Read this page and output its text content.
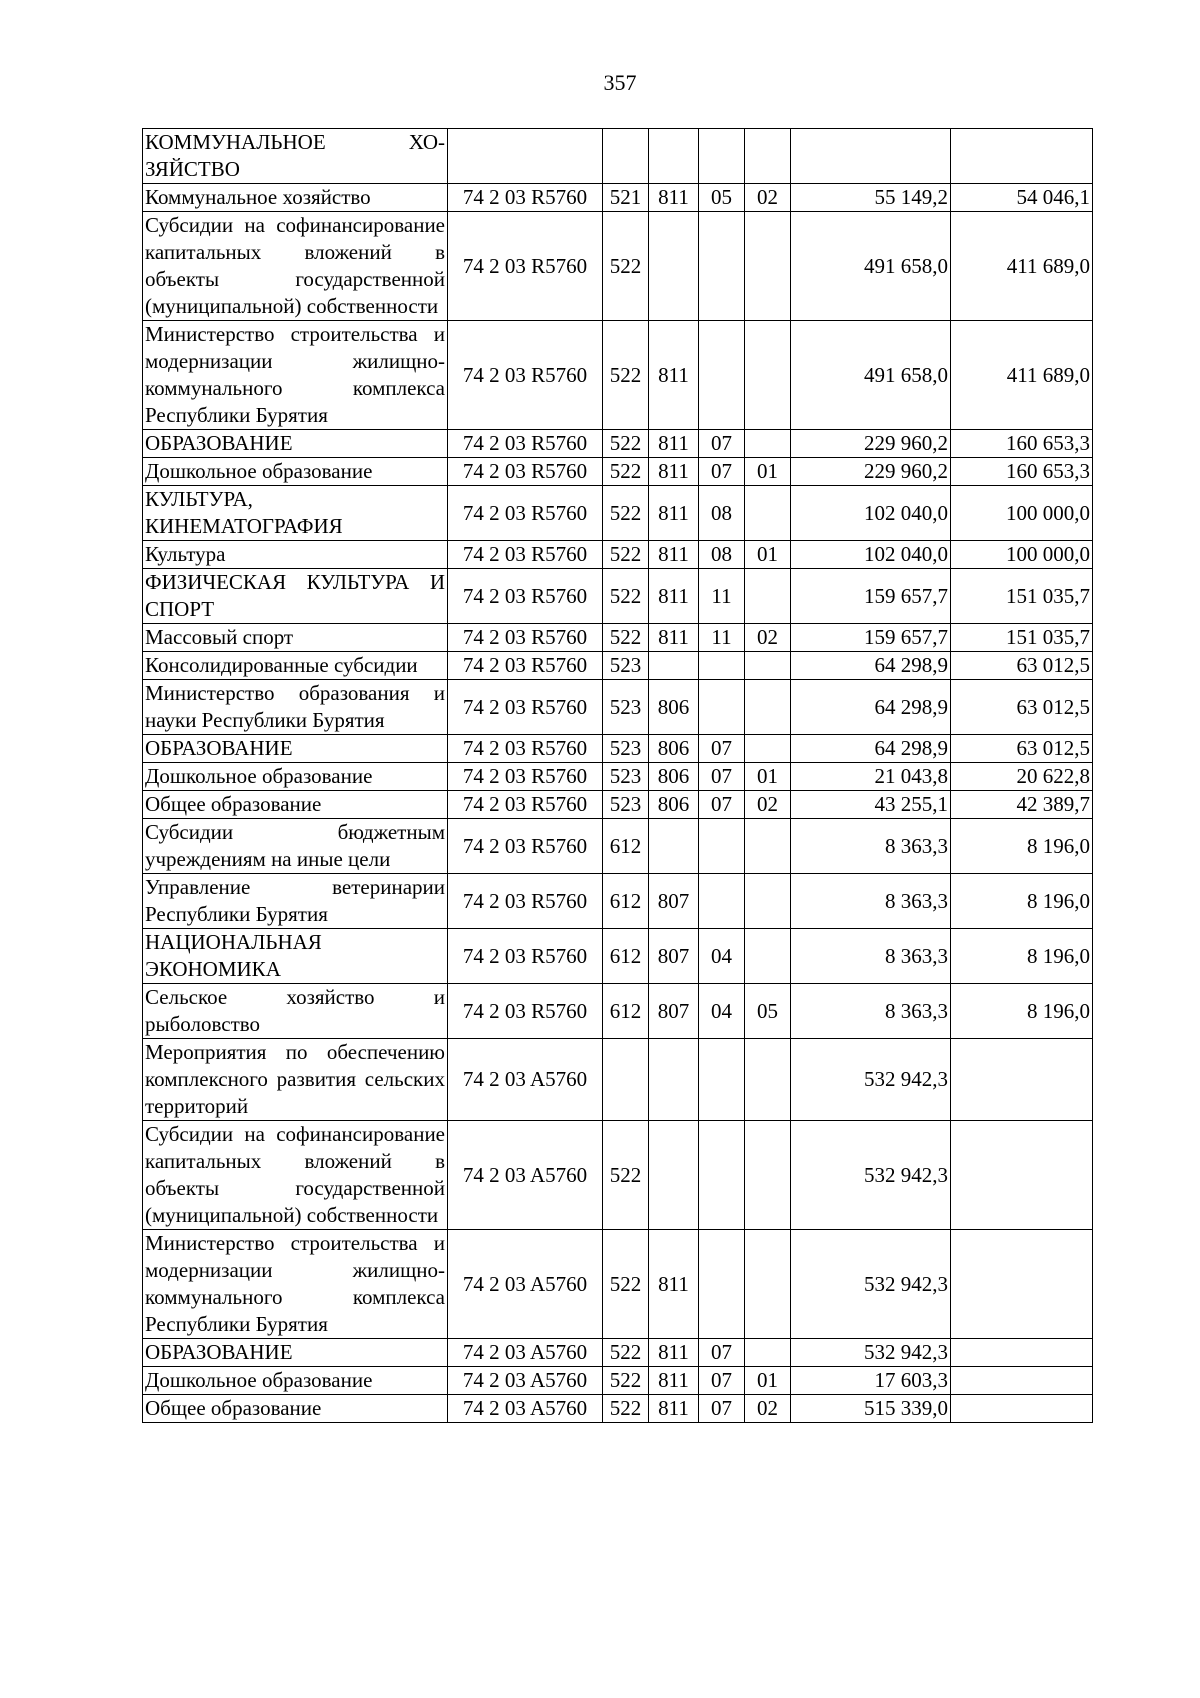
357
КОММУНАЛЬНОЕ ХО-ЗЯЙСТВО							
Коммунальное хозяйство	74 2 03 R5760	521	811	05	02	55 149,2	54 046,1
Субсидии на софинансирование капитальных вложений в объекты государственной (муниципальной) собственности	74 2 03 R5760	522				491 658,0	411 689,0
Министерство строительства и модернизации жилищно-коммунального комплекса Республики Бурятия	74 2 03 R5760	522	811			491 658,0	411 689,0
ОБРАЗОВАНИЕ	74 2 03 R5760	522	811	07		229 960,2	160 653,3
Дошкольное образование	74 2 03 R5760	522	811	07	01	229 960,2	160 653,3
КУЛЬТУРА, КИНЕМАТОГРАФИЯ	74 2 03 R5760	522	811	08		102 040,0	100 000,0
Культура	74 2 03 R5760	522	811	08	01	102 040,0	100 000,0
ФИЗИЧЕСКАЯ КУЛЬТУРА И СПОРТ	74 2 03 R5760	522	811	11		159 657,7	151 035,7
Массовый спорт	74 2 03 R5760	522	811	11	02	159 657,7	151 035,7
Консолидированные субсидии	74 2 03 R5760	523				64 298,9	63 012,5
Министерство образования и науки Республики Бурятия	74 2 03 R5760	523	806			64 298,9	63 012,5
ОБРАЗОВАНИЕ	74 2 03 R5760	523	806	07		64 298,9	63 012,5
Дошкольное образование	74 2 03 R5760	523	806	07	01	21 043,8	20 622,8
Общее образование	74 2 03 R5760	523	806	07	02	43 255,1	42 389,7
Субсидии бюджетным учреждениям на иные цели	74 2 03 R5760	612				8 363,3	8 196,0
Управление ветеринарии Республики Бурятия	74 2 03 R5760	612	807			8 363,3	8 196,0
НАЦИОНАЛЬНАЯ ЭКОНОМИКА	74 2 03 R5760	612	807	04		8 363,3	8 196,0
Сельское хозяйство и рыболовство	74 2 03 R5760	612	807	04	05	8 363,3	8 196,0
Мероприятия по обеспечению комплексного развития сельских территорий	74 2 03 A5760					532 942,3	
Субсидии на софинансирование капитальных вложений в объекты государственной (муниципальной) собственности	74 2 03 A5760	522				532 942,3	
Министерство строительства и модернизации жилищно-коммунального комплекса Республики Бурятия	74 2 03 A5760	522	811			532 942,3	
ОБРАЗОВАНИЕ	74 2 03 A5760	522	811	07		532 942,3	
Дошкольное образование	74 2 03 A5760	522	811	07	01	17 603,3	
Общее образование	74 2 03 A5760	522	811	07	02	515 339,0	
